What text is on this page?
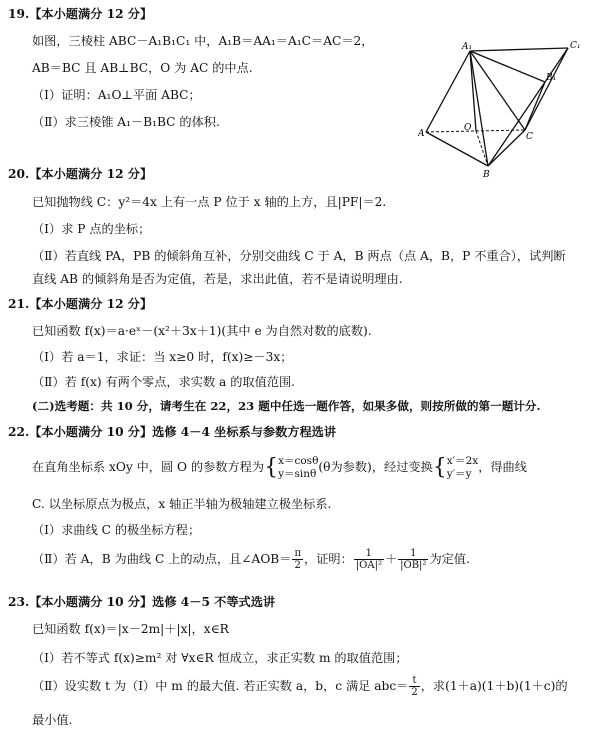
19.【本小题满分 12 分】
如图，三棱柱 ABC－A₁B₁C₁ 中，A₁B＝AA₁＝A₁C＝AC＝2，
AB＝BC 且 AB⊥BC，O 为 AC 的中点.
（Ⅰ）证明：A₁O⊥平面 ABC；
（Ⅱ）求三棱锥 A₁－B₁BC 的体积.
A₁	C₁
B₁
A
O
C
B
20.【本小题满分 12 分】
已知抛物线 C：y²＝4x 上有一点 P 位于 x 轴的上方，且|PF|＝2.
（Ⅰ）求 P 点的坐标；
（Ⅱ）若直线 PA，PB 的倾斜角互补，分别交曲线 C 于 A，B 两点（点 A，B，P 不重合），试判断
直线 AB 的倾斜角是否为定值，若是，求出此值，若不是请说明理由.
21.【本小题满分 12 分】
已知函数 f(x)＝a·eˣ－(x²＋3x＋1)(其中 e 为自然对数的底数).
（Ⅰ）若 a＝1，求证：当 x≥0 时，f(x)≥－3x；
（Ⅱ）若 f(x) 有两个零点，求实数 a 的取值范围.
(二)选考题：共 10 分，请考生在 22，23 题中任选一题作答，如果多做，则按所做的第一题计分.
22.【本小题满分 10 分】选修 4－4 坐标系与参数方程选讲
在直角坐标系 xOy 中，圆 O 的参数方程为{ x＝cosθ
y＝sinθ (θ为参数)，经过变换{ x′＝2x
y′＝y ，得曲线
C. 以坐标原点为极点，x 轴正半轴为极轴建立极坐标系.
（Ⅰ）求曲线 C 的极坐标方程；
（Ⅱ）若 A，B 为曲线 C 上的动点，且∠AOB＝ $\frac{\pi}{2}$ ，证明： $\frac{1}{\text{|OA|²}} + \frac{1}{\text{|OB|²}}$ 为定值.
23.【本小题满分 10 分】选修 4－5 不等式选讲
已知函数 f(x)＝|x－2m|＋|x|，x∈R
（Ⅰ）若不等式 f(x)≥m² 对 ∀x∈R 恒成立，求正实数 m 的取值范围；
（Ⅱ）设实数 t 为（Ⅰ）中 m 的最大值. 若正实数 a，b，c 满足 $abc= \frac{t}{2}$ ，求(1＋a)(1＋b)(1＋c)的
最小值.
